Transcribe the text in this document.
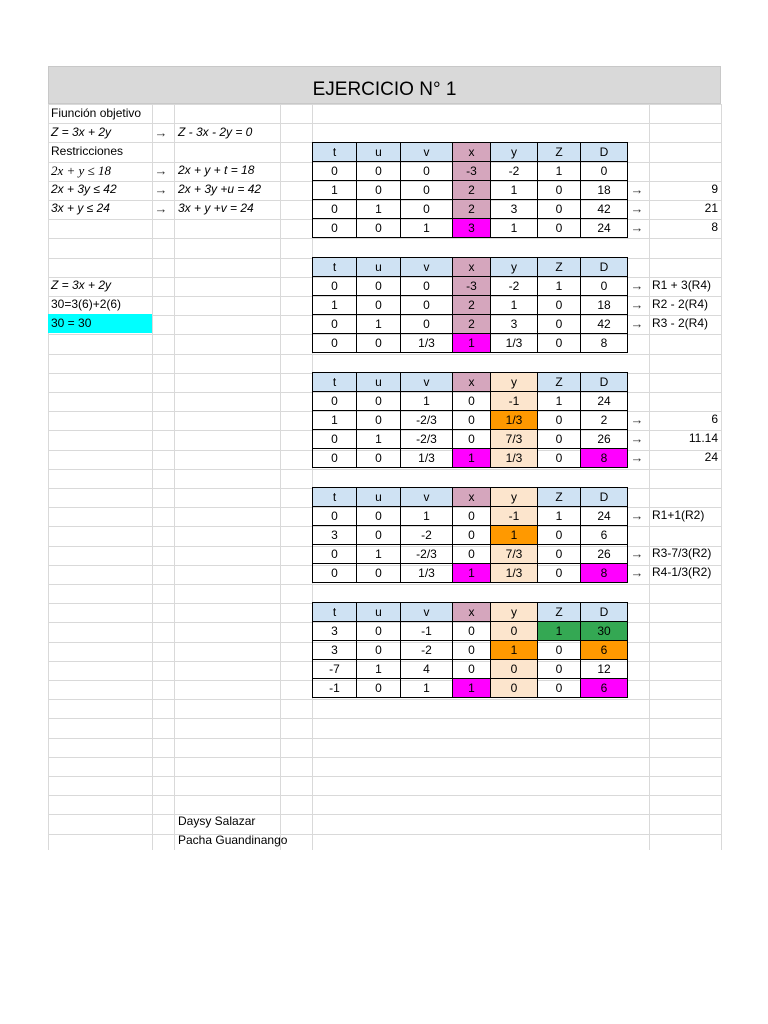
EJERCICIO N° 1
Fiunción objetivo
Z = 3x + 2y	→ Z - 3x - 2y = 0
Restricciones
2x + y ≤ 18	→ 2x + y + t = 18
2x + 3y ≤ 42	→ 2x + 3y +u = 42
3x + y ≤ 24	→ 3x + y +v = 24
Z = 3x + 2y
30=3(6)+2(6)
30 = 30
Daysy Salazar
Pacha Guandinango
t	u	v	x	y	Z	D
0	0	0	-3	-2	1	0
1	0	0	2	1	0	18	→	9
0	1	0	2	3	0	42	→	21
0	0	1	3	1	0	24	→	8
t	u	v	x	y	Z	D
0	0	0	-3	-2	1	0	→ R1 + 3(R4)
1	0	0	2	1	0	18	→ R2 - 2(R4)
0	1	0	2	3	0	42	→ R3 - 2(R4)
0	0	1/3	1	1/3	0	8
t	u	v	x	y	Z	D
0	0	1	0	-1	1	24
1	0	-2/3	0	1/3	0	2	→	6
0	1	-2/3	0	7/3	0	26	→	11.14
0	0	1/3	1	1/3	0	8	→	24
t	u	v	x	y	Z	D
0	0	1	0	-1	1	24	→ R1+1(R2)
3	0	-2	0	1	0	6
0	1	-2/3	0	7/3	0	26	→ R3-7/3(R2)
0	0	1/3	1	1/3	0	8	→ R4-1/3(R2)
t	u	v	x	y	Z	D
3	0	-1	0	0	1	30
3	0	-2	0	1	0	6
-7	1	4	0	0	0	12
-1	0	1	1	0	0	6
